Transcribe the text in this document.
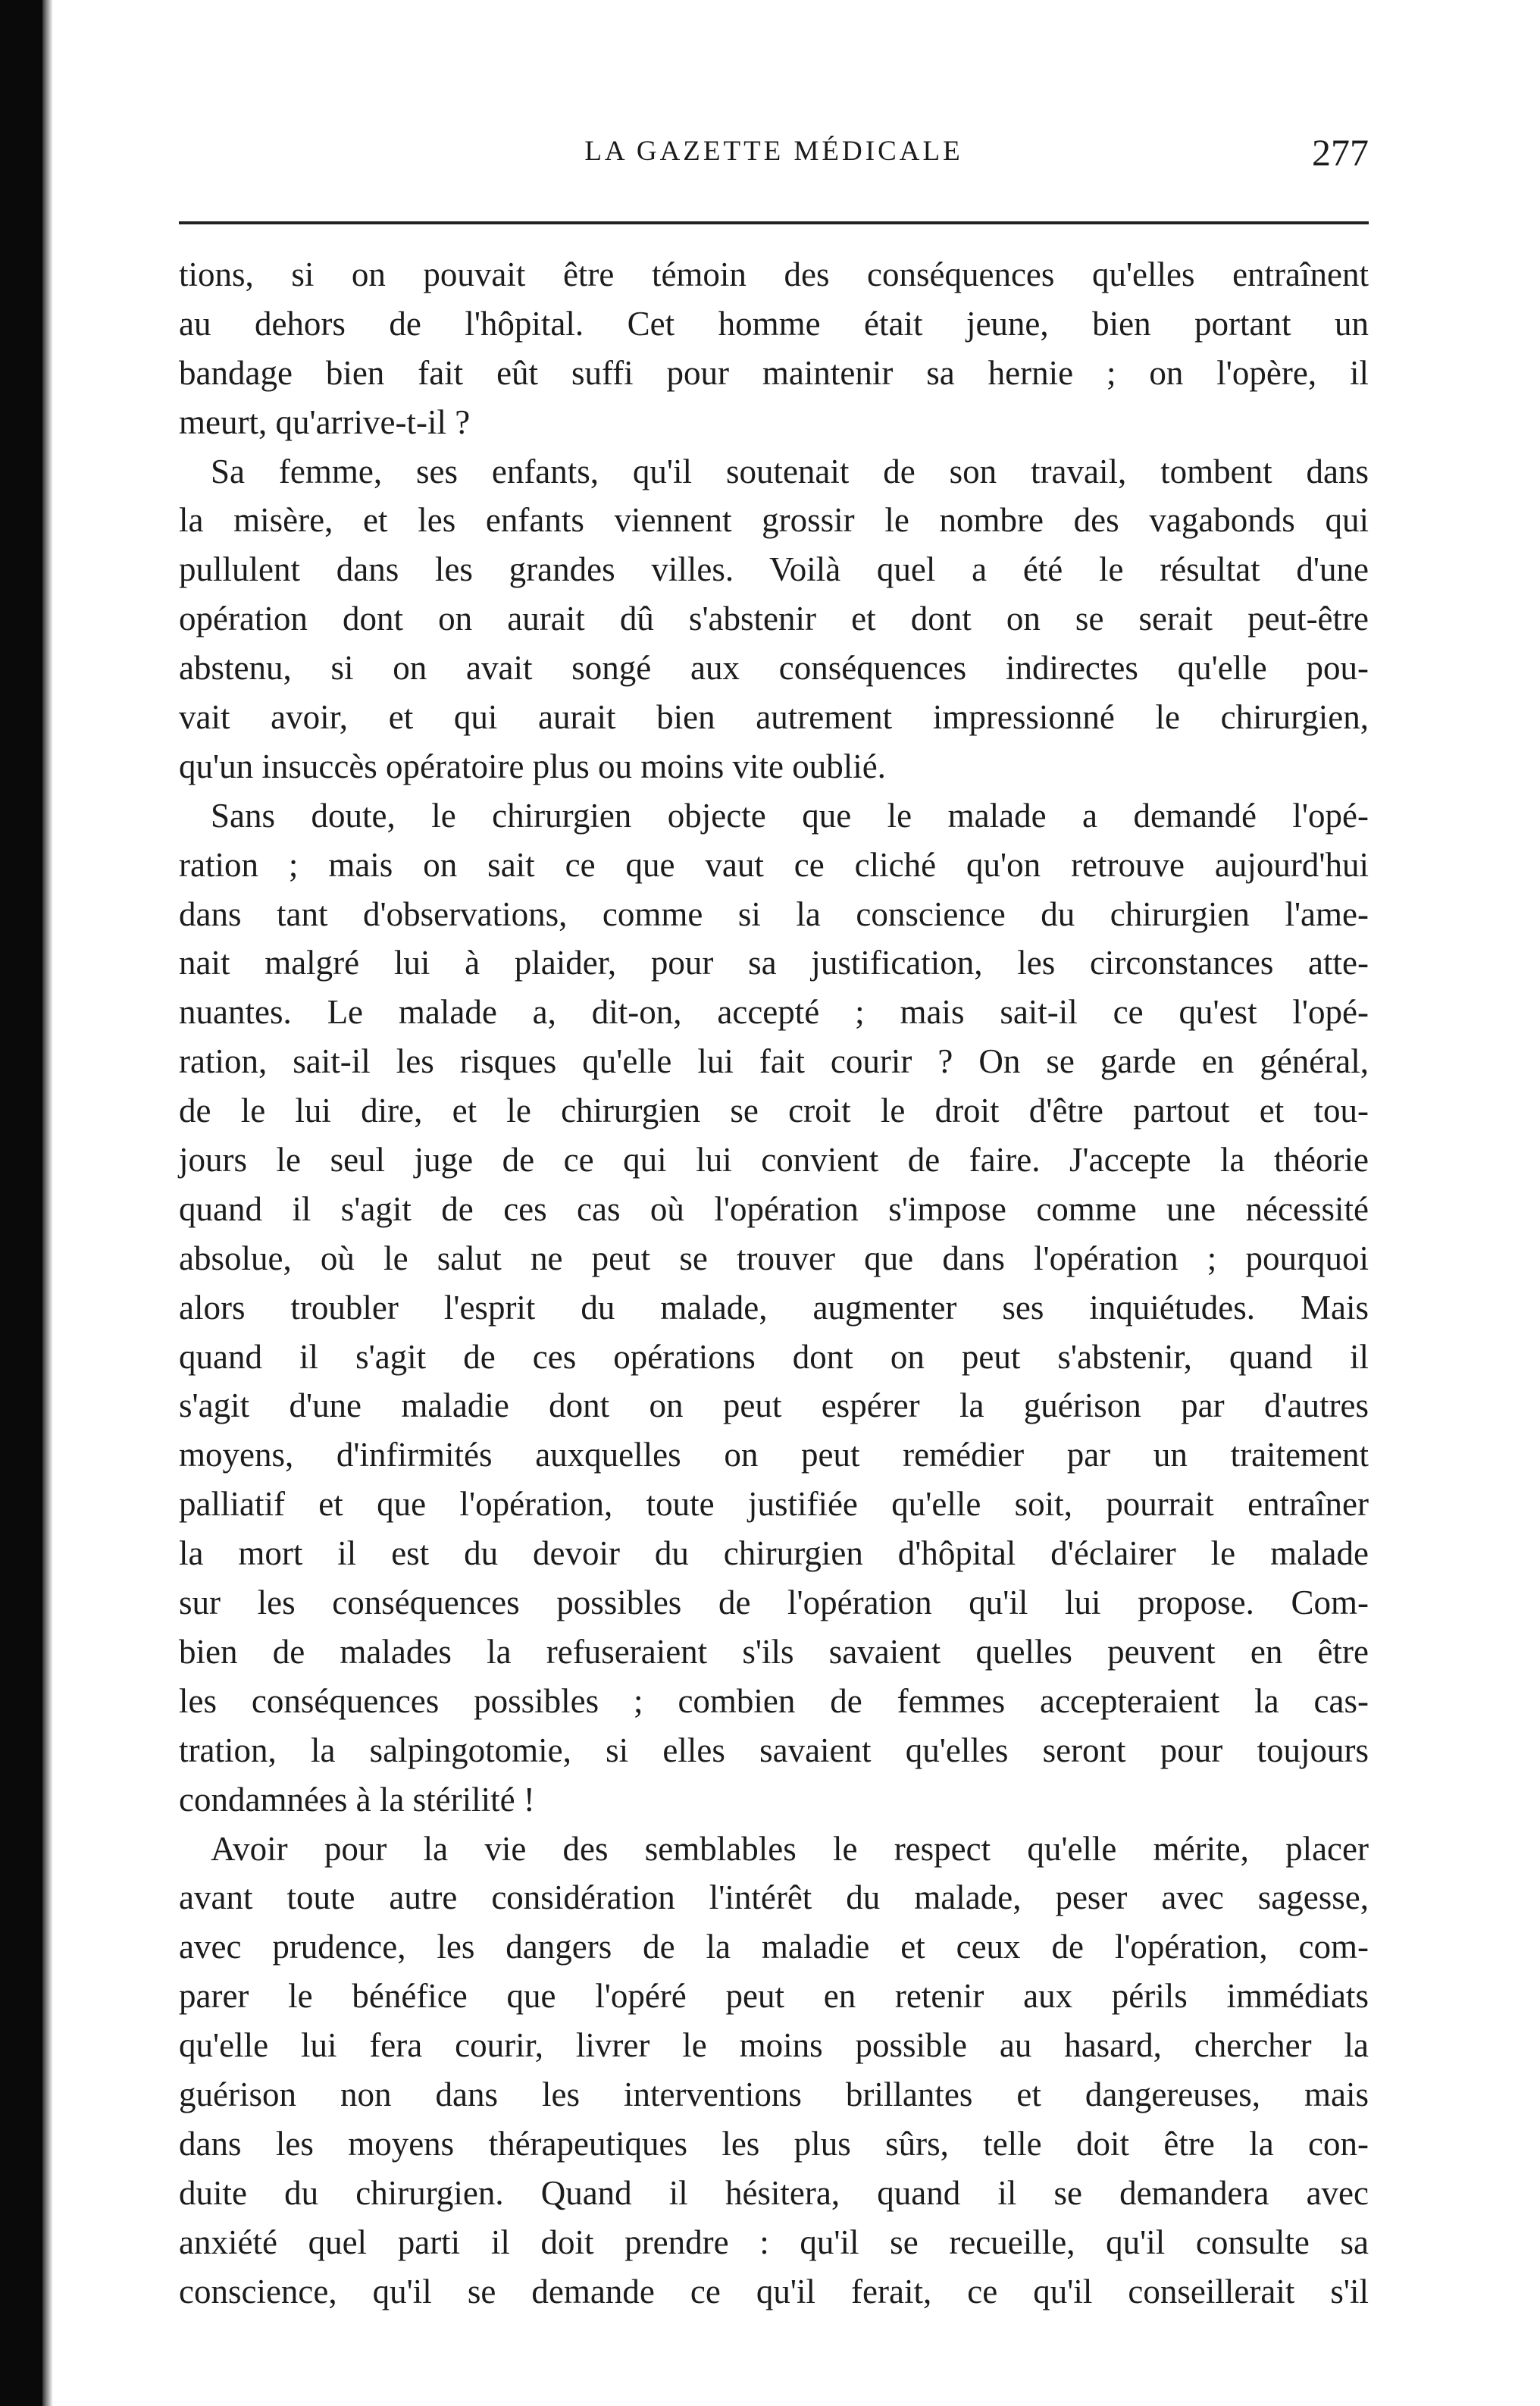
LA GAZETTE MÉDICALE	277
tions, si on pouvait être témoin des conséquences qu'elles entraînent
au dehors de l'hôpital. Cet homme était jeune, bien portant un
bandage bien fait eût suffi pour maintenir sa hernie ; on l'opère, il
meurt, qu'arrive-t-il ?
Sa femme, ses enfants, qu'il soutenait de son travail, tombent dans
la misère, et les enfants viennent grossir le nombre des vagabonds qui
pullulent dans les grandes villes. Voilà quel a été le résultat d'une
opération dont on aurait dû s'abstenir et dont on se serait peut-être
abstenu, si on avait songé aux conséquences indirectes qu'elle pou-
vait avoir, et qui aurait bien autrement impressionné le chirurgien,
qu'un insuccès opératoire plus ou moins vite oublié.
Sans doute, le chirurgien objecte que le malade a demandé l'opé-
ration ; mais on sait ce que vaut ce cliché qu'on retrouve aujourd'hui
dans tant d'observations, comme si la conscience du chirurgien l'ame-
nait malgré lui à plaider, pour sa justification, les circonstances atte-
nuantes. Le malade a, dit-on, accepté ; mais sait-il ce qu'est l'opé-
ration, sait-il les risques qu'elle lui fait courir ? On se garde en général,
de le lui dire, et le chirurgien se croit le droit d'être partout et tou-
jours le seul juge de ce qui lui convient de faire. J'accepte la théorie
quand il s'agit de ces cas où l'opération s'impose comme une nécessité
absolue, où le salut ne peut se trouver que dans l'opération ; pourquoi
alors troubler l'esprit du malade, augmenter ses inquiétudes. Mais
quand il s'agit de ces opérations dont on peut s'abstenir, quand il
s'agit d'une maladie dont on peut espérer la guérison par d'autres
moyens, d'infirmités auxquelles on peut remédier par un traitement
palliatif et que l'opération, toute justifiée qu'elle soit, pourrait entraîner
la mort il est du devoir du chirurgien d'hôpital d'éclairer le malade
sur les conséquences possibles de l'opération qu'il lui propose. Com-
bien de malades la refuseraient s'ils savaient quelles peuvent en être
les conséquences possibles ; combien de femmes accepteraient la cas-
tration, la salpingotomie, si elles savaient qu'elles seront pour toujours
condamnées à la stérilité !
Avoir pour la vie des semblables le respect qu'elle mérite, placer
avant toute autre considération l'intérêt du malade, peser avec sagesse,
avec prudence, les dangers de la maladie et ceux de l'opération, com-
parer le bénéfice que l'opéré peut en retenir aux périls immédiats
qu'elle lui fera courir, livrer le moins possible au hasard, chercher la
guérison non dans les interventions brillantes et dangereuses, mais
dans les moyens thérapeutiques les plus sûrs, telle doit être la con-
duite du chirurgien. Quand il hésitera, quand il se demandera avec
anxiété quel parti il doit prendre : qu'il se recueille, qu'il consulte sa
conscience, qu'il se demande ce qu'il ferait, ce qu'il conseillerait s'il
